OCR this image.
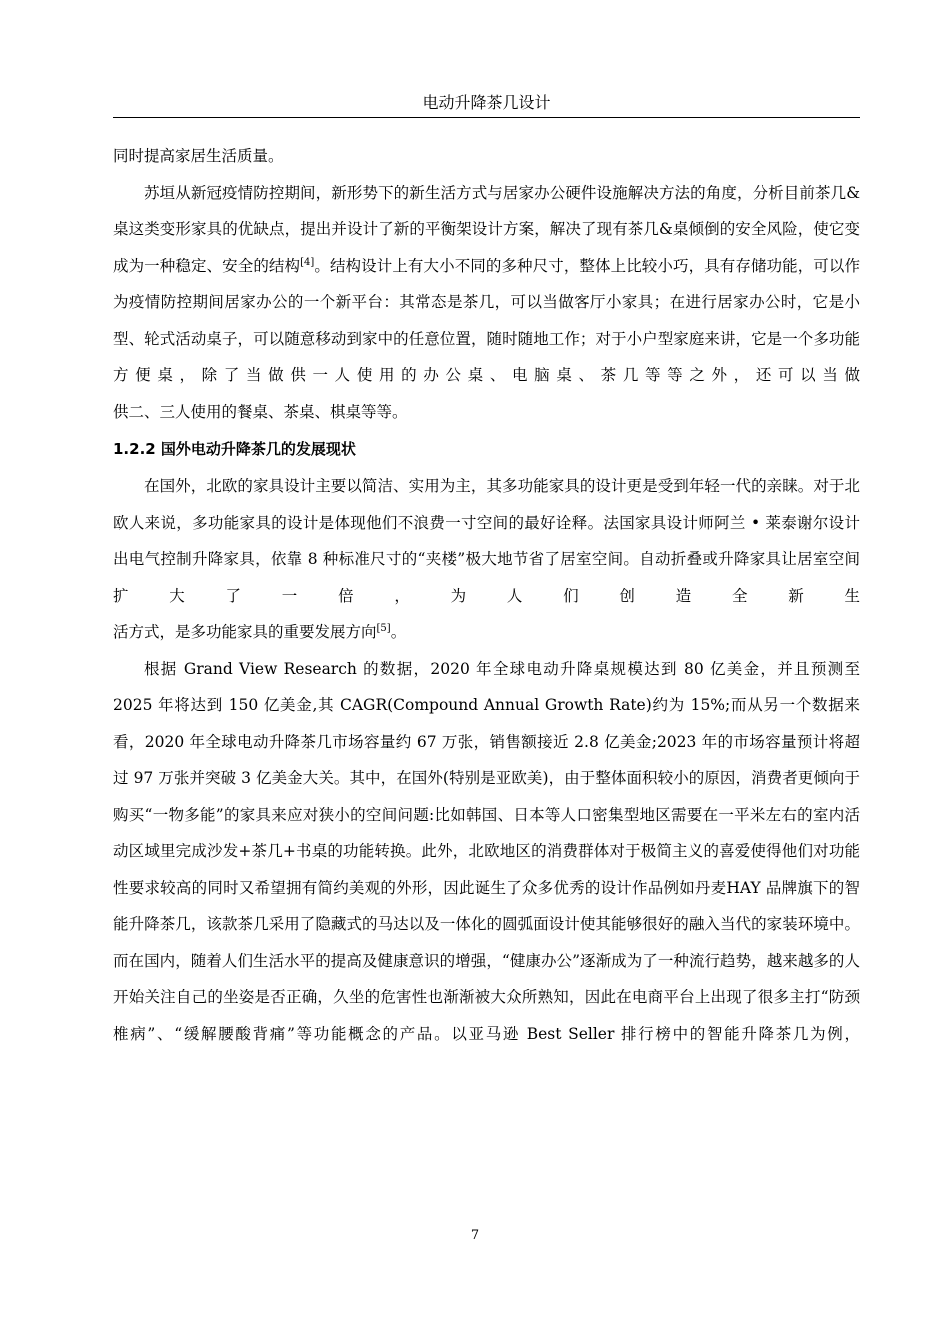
电动升降茶几设计

同时提高家居生活质量。

苏垣从新冠疫情防控期间，新形势下的新生活方式与居家办公硬件设施解决方法的角度，分析目前茶几&桌这类变形家具的优缺点，提出并设计了新的平衡架设计方案，解决了现有茶几&桌倾倒的安全风险，使它变成为一种稳定、安全的结构[4]。结构设计上有大小不同的多种尺寸，整体上比较小巧，具有存储功能，可以作为疫情防控期间居家办公的一个新平台：其常态是茶几，可以当做客厅小家具；在进行居家办公时，它是小型、轮式活动桌子，可以随意移动到家中的任意位置，随时随地工作；对于小户型家庭来讲，它是一个多功能方便桌，除了当做供一人使用的办公桌、电脑桌、茶几等等之外，还可以当做

供二、三人使用的餐桌、茶桌、棋桌等等。

1.2.2 国外电动升降茶几的发展现状

在国外，北欧的家具设计主要以简洁、实用为主，其多功能家具的设计更是受到年轻一代的亲睐。对于北欧人来说，多功能家具的设计是体现他们不浪费一寸空间的最好诠释。法国家具设计师阿兰 • 莱泰谢尔设计出电气控制升降家具，依靠 8 种标准尺寸的“夹楼”极大地节省了居室空间。自动折叠或升降家具让居室空间扩大了一倍，为人们创造全新生

活方式，是多功能家具的重要发展方向[5]。

根据 Grand View Research 的数据，2020 年全球电动升降桌规模达到 80 亿美金，并且预测至 2025 年将达到 150 亿美金,其 CAGR(Compound Annual Growth Rate)约为 15%;而从另一个数据来看，2020 年全球电动升降茶几市场容量约 67 万张，销售额接近 2.8 亿美金;2023 年的市场容量预计将超过 97 万张并突破 3 亿美金大关。其中，在国外(特别是亚欧美)，由于整体面积较小的原因，消费者更倾向于购买“一物多能”的家具来应对狭小的空间问题:比如韩国、日本等人口密集型地区需要在一平米左右的室内活动区域里完成沙发+茶几+书桌的功能转换。此外，北欧地区的消费群体对于极简主义的喜爱使得他们对功能性要求较高的同时又希望拥有简约美观的外形，因此诞生了众多优秀的设计作品例如丹麦HAY 品牌旗下的智能升降茶几，该款茶几采用了隐藏式的马达以及一体化的圆弧面设计使其能够很好的融入当代的家装环境中。而在国内，随着人们生活水平的提高及健康意识的增强，“健康办公”逐渐成为了一种流行趋势，越来越多的人开始关注自己的坐姿是否正确，久坐的危害性也渐渐被大众所熟知，因此在电商平台上出现了很多主打“防颈椎病”、“缓解腰酸背痛”等功能概念的产品。以亚马逊 Best Seller 排行榜中的智能升降茶几为例，

7
